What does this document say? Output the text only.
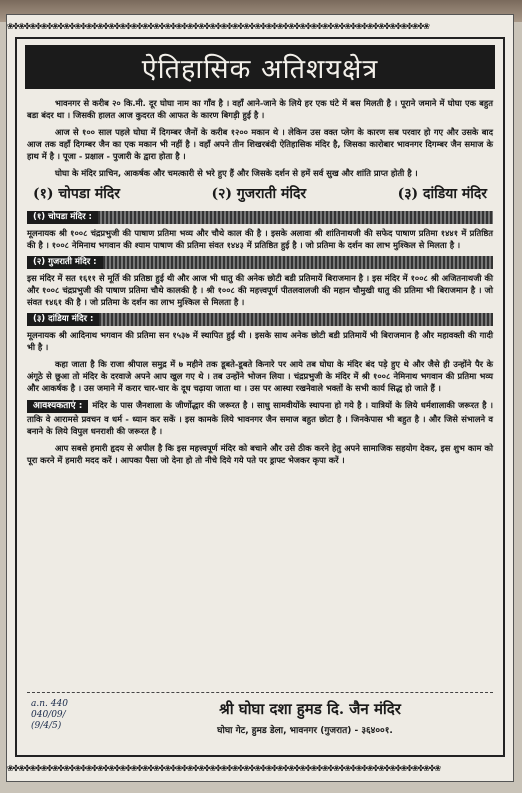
❀✤❀✤❀✤❀✤❀✤❀✤❀✤❀✤❀✤❀✤❀✤❀✤❀✤❀✤❀✤❀✤❀✤❀✤❀✤❀✤❀✤❀✤❀✤❀✤❀✤❀✤❀✤❀✤❀✤❀✤❀✤❀✤❀✤❀✤❀✤❀✤❀✤❀
ऐतिहासिक अतिशयक्षेत्र

भावनगर से करीब २० कि.मी. दूर घोघा नाम का गाँव है । वहाँ आने-जाने के लिये हर एक घंटे में बस मिलती है । पूराने जमाने में घोघा एक बहुत बडा बंदर था । जिसकी हालत आज कुदरत की आफत के कारण बिगड़ी हुई है ।

आज से १०० साल पहले घोघा में दिगम्बर जैनों के करीब १२०० मकान थे । लेकिन उस वक्त प्लेग के कारण सब परवार हो गए और उसके बाद आज तक वहाँ दिगम्बर जैन का एक मकान भी नहीं है । वहाँ अपने तीन शिखरबंदी ऐतिहासिक मंदिर है, जिसका कारोबार भावनगर दिगम्बर जैन समाज के हाथ में है । पूजा - प्रक्षाल - पुजारी के द्वारा होता है ।

घोघा के मंदिर प्राचिन, आकर्षक और चमत्कारी से भरे हुए हैं और जिसके दर्शन से हमें सर्व सुख और शांति प्राप्त होती है ।

(१) चोपडा मंदिर	(२) गुजराती मंदिर	(३) दांडिया मंदिर
(१) चोपडा मंदिर :

मूलनायक श्री १००८ चंद्रप्रभुजी की पाषाण प्रतिमा भव्य और चौथे काल की है । इसके अलावा श्री शांतिनाथजी की सफेद पाषाण प्रतिमा १४४१ में प्रतिष्ठित की है । १००८ नेमिनाथ भगवान की श्याम पाषाण की प्रतिमा संवत १४४३ में प्रतिष्ठित हुई है । जो प्रतिमा के दर्शन का लाभ मुश्किल से मिलता है ।

(२) गुजराती मंदिर :

इस मंदिर में सत १६११ से मूर्ति की प्रतिष्ठा हुई थी और आज भी धातु की अनेक छोटी बडी प्रतिमायें बिराजमान है । इस मंदिर में १००८ श्री अजितनाथजी की और १००८ चंद्रप्रभुजी की पाषाण प्रतिमा चौथे कालकी है । श्री १००८ की महत्त्वपूर्ण पीतलवालजी की महान चौमुखी धातु की प्रतिमा भी बिराजमान है । जो संवत १४६१ की है । जो प्रतिमा के दर्शन का लाभ मुश्किल से मिलता है ।

(३) दांडिया मंदिर :

मूलनायक श्री आदिनाथ भगवान की प्रतिमा सन १५३७ में स्थापित हुई थी । इसके साथ अनेक छोटी बडी प्रतिमायें भी बिराजमान है और महावक्ती की गादी भी है ।

कहा जाता है कि राजा श्रीपाल समुद्र में ७ महीने तक डूबते-डूबते किनारे पर आये तब घोघा के मंदिर बंद पड़े हुए थे और जैसे ही उन्होंने पैर के अंगूठे से छूआ तो मंदिर के दरवाजे अपने आप खुल गए थे । तब उन्होंने भोजन लिया । चंद्रप्रभुजी के मंदिर में श्री १००८ नेमिनाथ भगवान की प्रतिमा भव्य और आकर्षक है । उस जमाने में करार चार-चार के दूध चढ़ाया जाता था । उस पर आस्था रखनेवाले भक्तों के सभी कार्य सिद्ध हो जाते हैं ।

आवश्यकताएं : मंदिर के पास जैनशाला के जीर्णोद्धार की जरूरत है । साधु सामवीयोंके स्थापना हो गये है । यात्रियों के लिये धर्मशालाकी जरूरत है । ताकि वे आरामसे प्रवचन व धर्म - ध्यान कर सकें । इस कामके लिये भावनगर जैन समाज बहुत छोटा है । जिनकेपास भी बहुत है । और जिसे संभालने व बनाने के लिये विपुल धनराशी की जरूरत है ।

आप सबसे हमारी हृदय से अपील है कि इस महत्त्वपूर्ण मंदिर को बचाने और उसे ठीक करने हेतु अपने सामाजिक सहयोग देकर, इस शुभ काम को पूरा करने में हमारी मदद करें । आपका पैसा जो देना हो तो नीचे दिये गये पते पर ड्राफ्ट भेजकर कृपा करें ।

a.n. 440
040/09/
(9/4/5)
श्री घोघा दशा हुमड दि. जैन मंदिर
घोघा गेट, हुमड डेला, भावनगर (गुजरात) - ३६४००१.
❀✤❀✤❀✤❀✤❀✤❀✤❀✤❀✤❀✤❀✤❀✤❀✤❀✤❀✤❀✤❀✤❀✤❀✤❀✤❀✤❀✤❀✤❀✤❀✤❀✤❀✤❀✤❀✤❀✤❀✤❀✤❀✤❀✤❀✤❀✤❀✤❀✤❀✤❀
